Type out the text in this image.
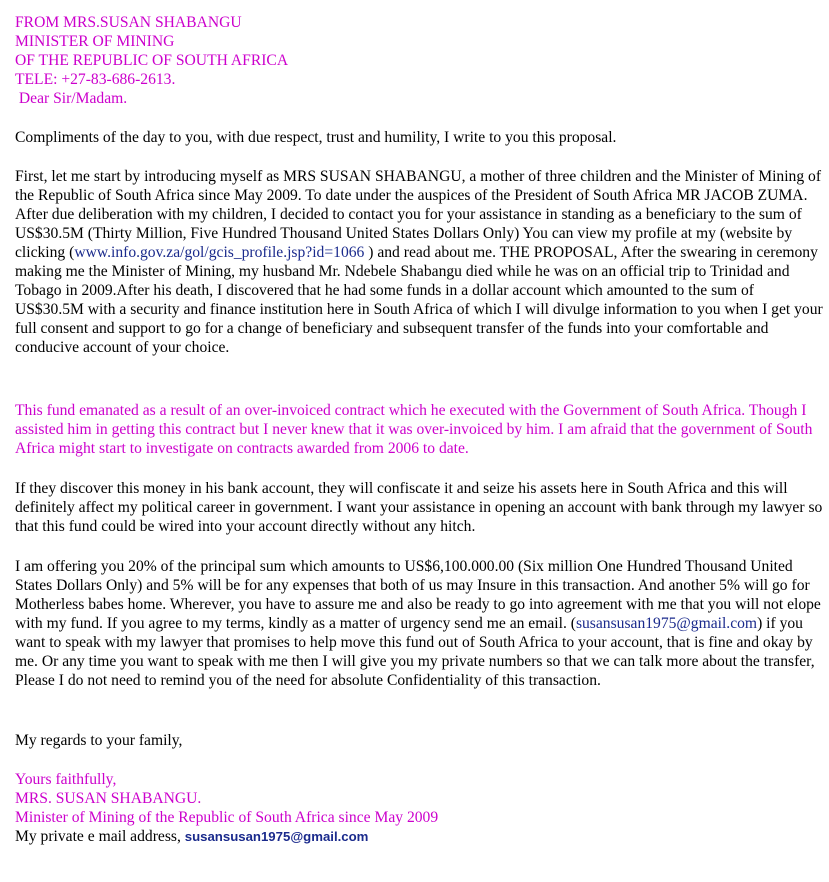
FROM MRS.SUSAN SHABANGU
MINISTER OF MINING
OF THE REPUBLIC OF SOUTH AFRICA
TELE: +27-83-686-2613.
Dear Sir/Madam.

Compliments of the day to you, with due respect, trust and humility, I write to you this proposal.

First, let me start by introducing myself as MRS SUSAN SHABANGU, a mother of three children and the Minister of Mining of the Republic of South Africa since May 2009. To date under the auspices of the President of South Africa MR JACOB ZUMA. After due deliberation with my children, I decided to contact you for your assistance in standing as a beneficiary to the sum of US$30.5M (Thirty Million, Five Hundred Thousand United States Dollars Only) You can view my profile at my (website by clicking (www.info.gov.za/gol/gcis_profile.jsp?id=1066 ) and read about me. THE PROPOSAL, After the swearing in ceremony making me the Minister of Mining, my husband Mr. Ndebele Shabangu died while he was on an official trip to Trinidad and Tobago in 2009.After his death, I discovered that he had some funds in a dollar account which amounted to the sum of US$30.5M with a security and finance institution here in South Africa of which I will divulge information to you when I get your full consent and support to go for a change of beneficiary and subsequent transfer of the funds into your comfortable and conducive account of your choice.

This fund emanated as a result of an over-invoiced contract which he executed with the Government of South Africa. Though I assisted him in getting this contract but I never knew that it was over-invoiced by him. I am afraid that the government of South Africa might start to investigate on contracts awarded from 2006 to date.

If they discover this money in his bank account, they will confiscate it and seize his assets here in South Africa and this will definitely affect my political career in government. I want your assistance in opening an account with bank through my lawyer so that this fund could be wired into your account directly without any hitch.

I am offering you 20% of the principal sum which amounts to US$6,100.000.00 (Six million One Hundred Thousand United States Dollars Only) and 5% will be for any expenses that both of us may Insure in this transaction. And another 5% will go for Motherless babes home. Wherever, you have to assure me and also be ready to go into agreement with me that you will not elope with my fund. If you agree to my terms, kindly as a matter of urgency send me an email. (susansusan1975@gmail.com) if you want to speak with my lawyer that promises to help move this fund out of South Africa to your account, that is fine and okay by me. Or any time you want to speak with me then I will give you my private numbers so that we can talk more about the transfer, Please I do not need to remind you of the need for absolute Confidentiality of this transaction.

My regards to your family,

Yours faithfully,
MRS. SUSAN SHABANGU.
Minister of Mining of the Republic of South Africa since May 2009
My private e mail address, susansusan1975@gmail.com
